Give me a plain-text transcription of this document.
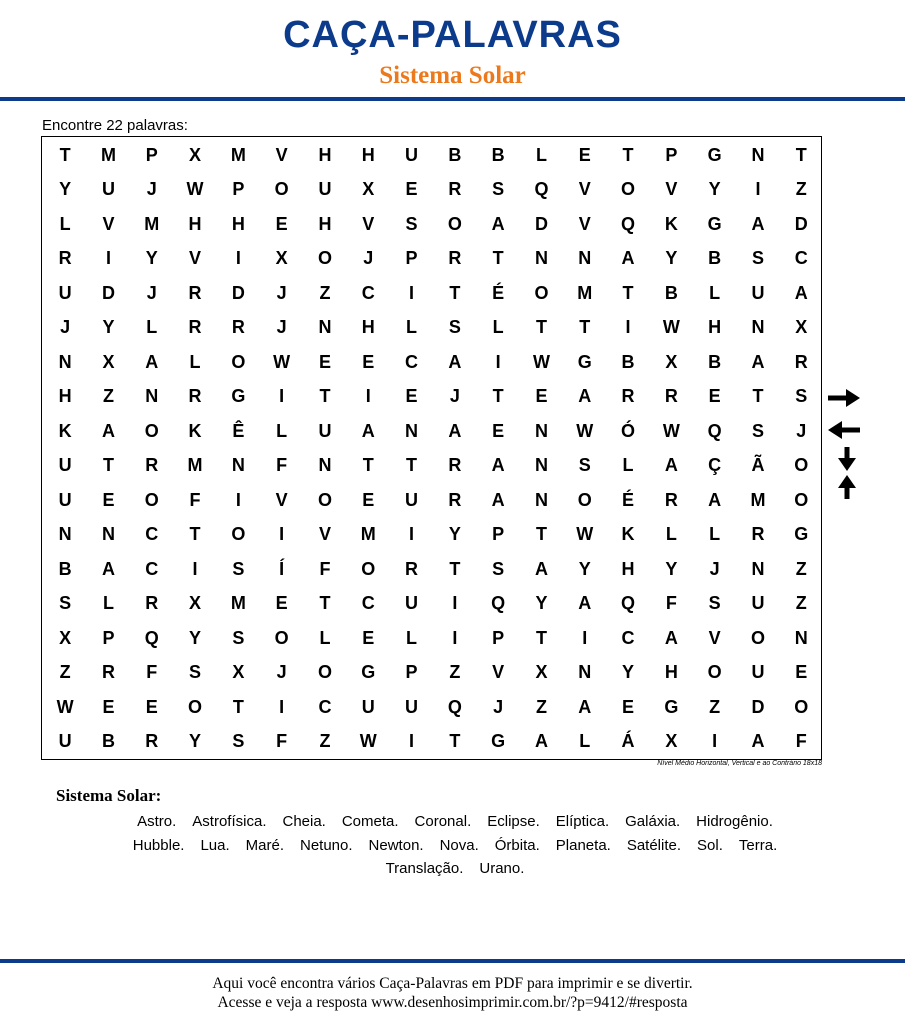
CAÇA-PALAVRAS
Sistema Solar
Encontre 22 palavras:
T	M	P	X	M	V	H	H	U	B	B	L	E	T	P	G	N	T
Y	U	J	W	P	O	U	X	E	R	S	Q	V	O	V	Y	I	Z
L	V	M	H	H	E	H	V	S	O	A	D	V	Q	K	G	A	D
R	I	Y	V	I	X	O	J	P	R	T	N	N	A	Y	B	S	C
U	D	J	R	D	J	Z	C	I	T	É	O	M	T	B	L	U	A
J	Y	L	R	R	J	N	H	L	S	L	T	T	I	W	H	N	X
N	X	A	L	O	W	E	E	C	A	I	W	G	B	X	B	A	R
H	Z	N	R	G	I	T	I	E	J	T	E	A	R	R	E	T	S
K	A	O	K	Ê	L	U	A	N	A	E	N	W	Ó	W	Q	S	J
U	T	R	M	N	F	N	T	T	R	A	N	S	L	A	Ç	Ã	O
U	E	O	F	I	V	O	E	U	R	A	N	O	É	R	A	M	O
N	N	C	T	O	I	V	M	I	Y	P	T	W	K	L	L	R	G
B	A	C	I	S	Í	F	O	R	T	S	A	Y	H	Y	J	N	Z
S	L	R	X	M	E	T	C	U	I	Q	Y	A	Q	F	S	U	Z
X	P	Q	Y	S	O	L	E	L	I	P	T	I	C	A	V	O	N
Z	R	F	S	X	J	O	G	P	Z	V	X	N	Y	H	O	U	E
W	E	E	O	T	I	C	U	U	Q	J	Z	A	E	G	Z	D	O
U	B	R	Y	S	F	Z	W	I	T	G	A	L	Á	X	I	A	F
Nível Médio Horizontal, Vertical e ao Contrário 18x18
Sistema Solar:
Astro. Astrofísica. Cheia. Cometa. Coronal. Eclipse. Elíptica. Galáxia. Hidrogênio.
Hubble. Lua. Maré. Netuno. Newton. Nova. Órbita. Planeta. Satélite. Sol. Terra.
Translação. Urano.
Aqui você encontra vários Caça-Palavras em PDF para imprimir e se divertir.
Acesse e veja a resposta www.desenhosimprimir.com.br/?p=9412/#resposta
